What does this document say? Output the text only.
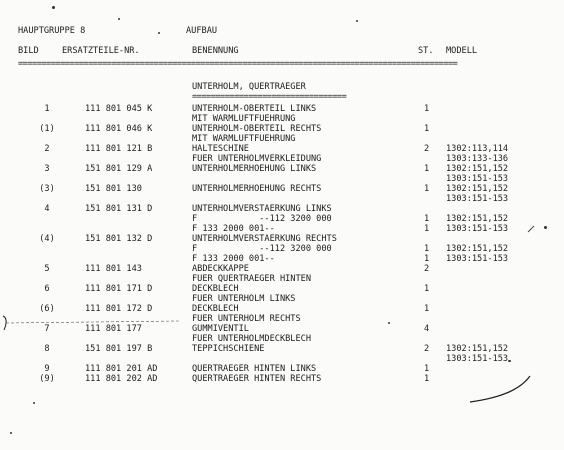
HAUPTGRUPPE 8	AUFBAU
BILD	ERSATZTEILE-NR.	BENENNUNG	ST. MODELL
==============================================================================================
UNTERHOLM, QUERTRAEGER
=================================
1	111 801 045 K	UNTERHOLM-OBERTEIL LINKS	1
MIT WARMLUFTFUEHRUNG
(1)	111 801 046 K	UNTERHOLM-OBERTEIL RECHTS	1
MIT WARMLUFTFUEHRUNG
2	111 801 121 B	HALTESCHINE	2 1302:113,114
FUER UNTERHOLMVERKLEIDUNG	1303:133-136
3	151 801 129 A	UNTERHOLMERHOEHUNG LINKS	1 1302:151,152
1303:151-153
(3)	151 801 130	UNTERHOLMERHOEHUNG RECHTS	1 1302:151,152
1303:151-153
4	151 801 131 D	UNTERHOLMVERSTAERKUNG LINKS
F            --112 3200 000	1 1302:151,152
F 133 2000 001--	1 1303:151-153
(4)	151 801 132 D	UNTERHOLMVERSTAERKUNG RECHTS
F            --112 3200 000	1 1302:151,152
F 133 2000 001--	1 1303:151-153
5	111 801 143	ABDECKKAPPE	2
FUER QUERTRAEGER HINTEN
6	111 801 171 D	DECKBLECH	1
FUER UNTERHOLM LINKS
(6)	111 801 172 D	DECKBLECH	1
FUER UNTERHOLM RECHTS
7	111 801 177	GUMMIVENTIL	4
FUER UNTERHOLMDECKBLECH
8	151 801 197 B	TEPPICHSCHIENE	2 1302:151,152
1303:151-153
9	111 801 201 AD	QUERTRAEGER HINTEN LINKS	1
(9)	111 801 202 AD	QUERTRAEGER HINTEN RECHTS	1
